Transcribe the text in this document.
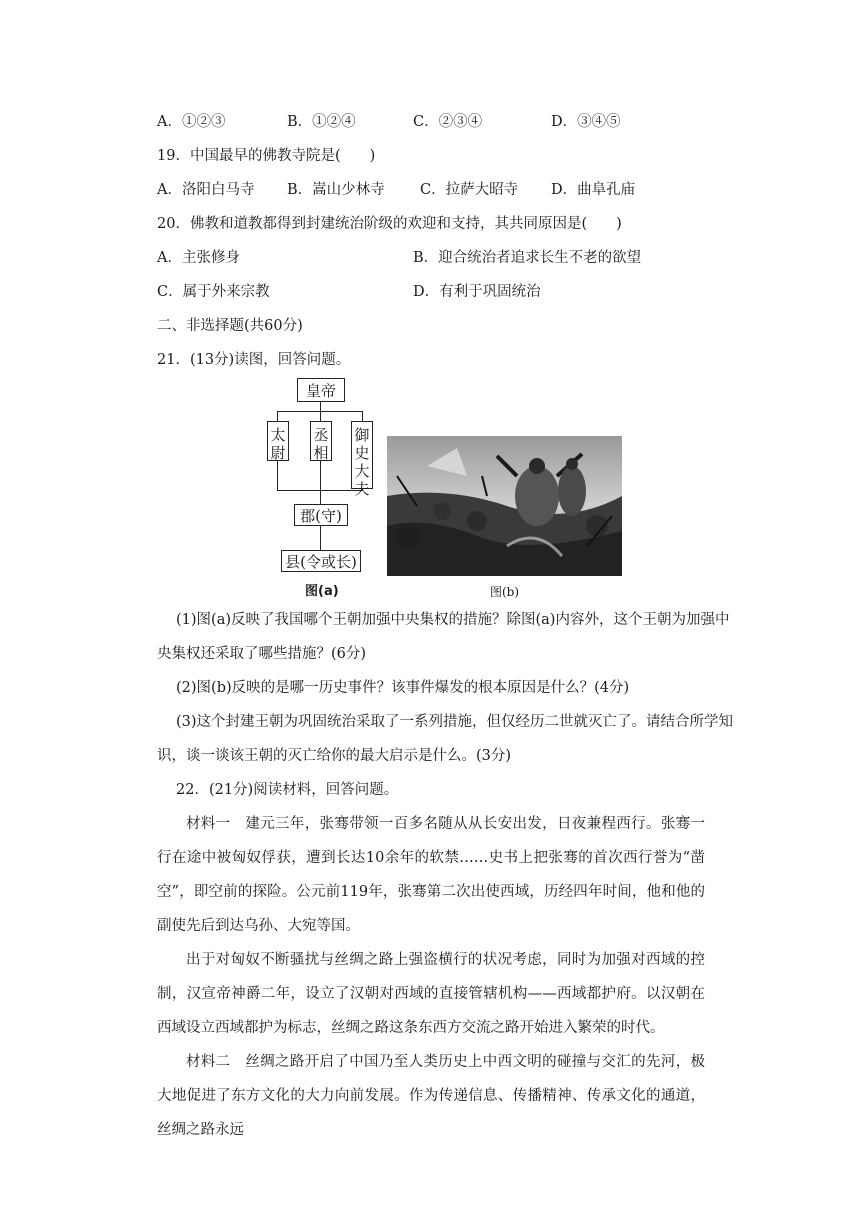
A．①②③	B．①②④	C．②③④	D．③④⑤
19．中国最早的佛教寺院是(　　)
A．洛阳白马寺 B．嵩山少林寺 C．拉萨大昭寺 D．曲阜孔庙
20．佛教和道教都得到封建统治阶级的欢迎和支持，其共同原因是(　　)
A．主张修身	B．迎合统治者追求长生不老的欲望
C．属于外来宗教	D．有利于巩固统治
二、非选择题(共60分)
21．(13分)读图，回答问题。
皇帝
太尉
丞相
御史大夫
郡(守)
县(令或长)
图(a)	图(b)
(1)图(a)反映了我国哪个王朝加强中央集权的措施？除图(a)内容外，这个王朝为加强中
央集权还采取了哪些措施？(6分)
(2)图(b)反映的是哪一历史事件？该事件爆发的根本原因是什么？(4分)
(3)这个封建王朝为巩固统治采取了一系列措施，但仅经历二世就灭亡了。请结合所学知
识，谈一谈该王朝的灭亡给你的最大启示是什么。(3分)
22．(21分)阅读材料，回答问题。
材料一　建元三年，张骞带领一百多名随从从长安出发，日夜兼程西行。张骞一行在途中被匈奴俘获，遭到长达10余年的软禁……史书上把张骞的首次西行誉为“凿空”，即空前的探险。公元前119年，张骞第二次出使西域，历经四年时间，他和他的副使先后到达乌孙、大宛等国。
出于对匈奴不断骚扰与丝绸之路上强盗横行的状况考虑，同时为加强对西域的控制，汉宣帝神爵二年，设立了汉朝对西域的直接管辖机构——西域都护府。以汉朝在西域设立西域都护为标志，丝绸之路这条东西方交流之路开始进入繁荣的时代。
材料二　丝绸之路开启了中国乃至人类历史上中西文明的碰撞与交汇的先河，极大地促进了东方文化的大力向前发展。作为传递信息、传播精神、传承文化的通道，丝绸之路永远
